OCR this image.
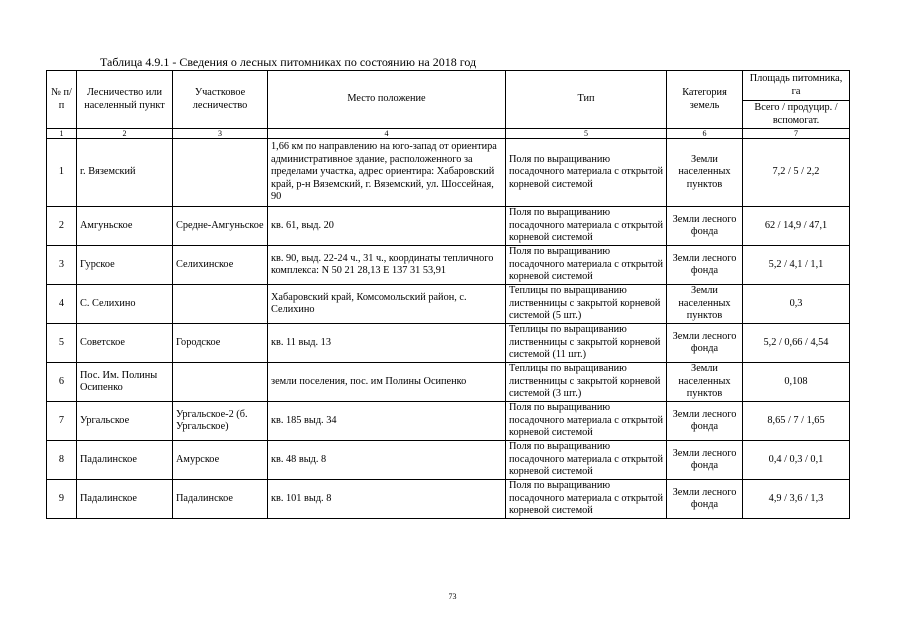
Таблица 4.9.1 - Сведения о лесных питомниках по состоянию на 2018 год
№ п/п	Лесничество или населенный пункт	Участковое лесничество	Место положение	Тип	Категория земель	Площадь питомника, га
						Всего / продуцир. / вспомогат.
1	2	3	4	5	6	7
1	г. Вяземский		1,66 км по направлению на юго-запад от ориентира административное здание, расположенного за пределами участка, адрес ориентира: Хабаровский край, р-н Вяземский, г. Вяземский, ул. Шоссейная, 90	Поля по выращиванию посадочного материала с открытой корневой системой	Земли населенных пунктов	7,2 / 5 / 2,2
2	Амгуньское	Средне-Амгуньское	кв. 61, выд. 20	Поля по выращиванию посадочного материала с открытой корневой системой	Земли лесного фонда	62 / 14,9 / 47,1
3	Гурское	Селихинское	кв. 90, выд. 22-24 ч., 31 ч., координаты тепличного комплекса: N 50 21 28,13 E 137 31 53,91	Поля по выращиванию посадочного материала с открытой корневой системой	Земли лесного фонда	5,2 / 4,1 / 1,1
4	С. Селихино		Хабаровский край, Комсомольский район, с. Селихино	Теплицы по выращиванию лиственницы с закрытой корневой системой (5 шт.)	Земли населенных пунктов	0,3
5	Советское	Городское	кв. 11 выд. 13	Теплицы по выращиванию лиственницы с закрытой корневой системой (11 шт.)	Земли лесного фонда	5,2 / 0,66 / 4,54
6	Пос. Им. Полины Осипенко		земли поселения, пос. им Полины Осипенко	Теплицы по выращиванию лиственницы с закрытой корневой системой (3 шт.)	Земли населенных пунктов	0,108
7	Ургальское	Ургальское-2 (б. Ургальское)	кв. 185 выд. 34	Поля по выращиванию посадочного материала с открытой корневой системой	Земли лесного фонда	8,65 / 7 / 1,65
8	Падалинское	Амурское	кв. 48 выд. 8	Поля по выращиванию посадочного материала с открытой корневой системой	Земли лесного фонда	0,4 / 0,3 / 0,1
9	Падалинское	Падалинское	кв. 101 выд. 8	Поля по выращиванию посадочного материала с открытой корневой системой	Земли лесного фонда	4,9 / 3,6 / 1,3
73
